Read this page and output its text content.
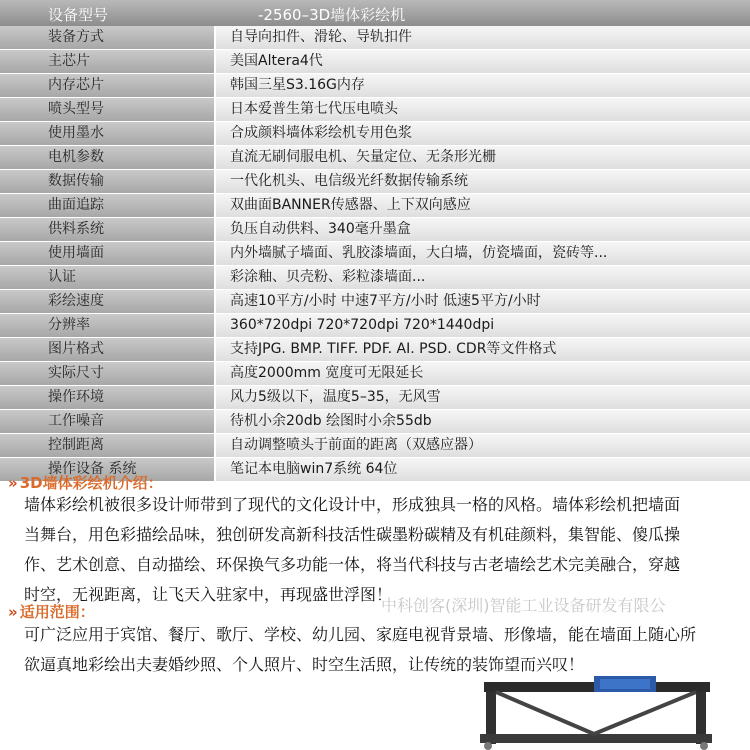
设备型号	-2560–3D墙体彩绘机
装备方式	自导向扣件、滑轮、导轨扣件
主芯片	美国Altera4代
内存芯片	韩国三星S3.16G内存
喷头型号	日本爱普生第七代压电喷头
使用墨水	合成颜料墙体彩绘机专用色浆
电机参数	直流无刷伺服电机、矢量定位、无条形光栅
数据传输	一代化机头、电信级光纤数据传输系统
曲面追踪	双曲面BANNER传感器、上下双向感应
供料系统	负压自动供料、340毫升墨盒
使用墙面	内外墙腻子墙面、乳胶漆墙面，大白墙，仿瓷墙面，瓷砖等...
认证	彩涂釉、贝壳粉、彩粒漆墙面...
彩绘速度	高速10平方/小时 中速7平方/小时 低速5平方/小时
分辨率	360*720dpi 720*720dpi 720*1440dpi
图片格式	支持JPG. BMP. TIFF. PDF. AI. PSD. CDR等文件格式
实际尺寸	高度2000mm 宽度可无限延长
操作环境	风力5级以下，温度5–35，无风雪
工作噪音	待机小余20db 绘图时小余55db
控制距离	自动调整喷头于前面的距离（双感应器）
操作设备 系统	笔记本电脑win7系统 64位
» 3D墙体彩绘机介绍：
墙体彩绘机被很多设计师带到了现代的文化设计中，形成独具一格的风格。墙体彩绘机把墙面
当舞台，用色彩描绘品味，独创研发高新科技活性碳墨粉碳精及有机硅颜料，集智能、傻瓜操
作、艺术创意、自动描绘、环保换气多功能一体，将当代科技与古老墙绘艺术完美融合，穿越
时空，无视距离，让飞天入驻家中，再现盛世浮图！
» 适用范围：
可广泛应用于宾馆、餐厅、歌厅、学校、幼儿园、家庭电视背景墙、形像墙，能在墙面上随心所
欲逼真地彩绘出夫妻婚纱照、个人照片、时空生活照，让传统的装饰望而兴叹！
中科创客(深圳)智能工业设备研发有限公
